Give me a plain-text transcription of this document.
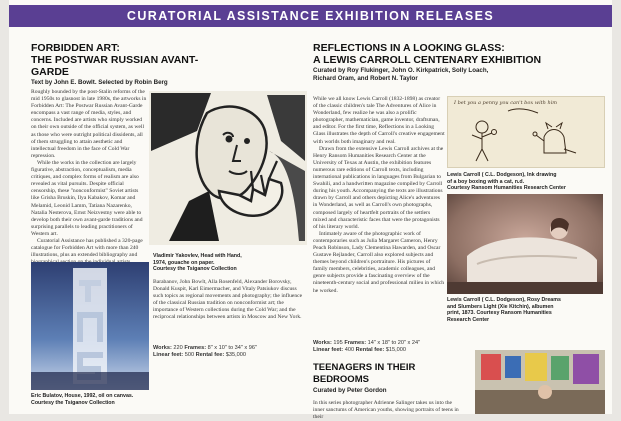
CURATORIAL ASSISTANCE EXHIBITION RELEASES
FORBIDDEN ART:
THE POSTWAR RUSSIAN AVANT-GARDE
Text by John E. Bowlt. Selected by Robin Berg

Roughly bounded by the post-Stalin reforms of the mid 1950s to glasnost in late 1980s, the artworks in Forbidden Art: The Postwar Russian Avant-Garde encompass a vast range of media, styles, and concerns. Included are artists who simply worked on their own outside of the official system, as well as those who were outright political dissidents, all of them struggling to attain aesthetic and intellectual freedom in the face of Cold War repression.

While the works in the collection are largely figurative, abstraction, conceptualism, media critiques, and complex forms of realism are also revealed as vital pursuits. Despite official censorship, these "nonconformist" Soviet artists like Grisha Bruskin, Ilya Kabakov, Komar and Melamid, Leonid Lamm, Tatiana Nazarenko, Natalia Nesterova, Ernst Neizvestny were able to develop both their own avant-garde traditions and surprising parallels to leading practitioners of Western art.

Curatorial Assistance has published a 320-page catalogue for Forbidden Art with more than 240 illustrations, plus an extended bibliography and

Eric Bulatov, House, 1992, oil on canvas. Courtesy the Tsiganov Collection
Vladimir Yakovlev, Head with Hand,
1974, gouache on paper.
Courtesy the Tsiganov Collection

Barabanov, John Bowlt, Alla Rosenfeld, Alexander Borovsky, Donald Kuspit, Karl Eimermacher, and Vitaly Patsiukov discuss such topics as regional movements and photography; the influence of the classical Russian tradition on nonconformist art; the importance of Western collections during the Cold War; and the reciprocal relationships between artists in Moscow and New York.

Works: 220 Frames: 8" x 10" to 34" x 96"
Linear feet: 500 Rental fee: $35,000
REFLECTIONS IN A LOOKING GLASS:
A LEWIS CARROLL CENTENARY EXHIBITION
Curated by Roy Flukinger, John O. Kirkpatrick, Solly Loach,
Richard Oram, and Robert N. Taylor

While we all know Lewis Carroll (1832-1898) as creator of the classic children's tale The Adventures of Alice in Wonderland, few realize he was also a prolific photographer, mathematician, game inventor, draftsman, and editor. For the first time, Reflections in a Looking Glass illustrates the depth of Carroll's creative engagement with worlds both imaginary and real.

Drawn from the extensive Lewis Carroll archives at the Henry Ransom Humanities Research Center at the University of Texas at Austin, the exhibition features numerous rare editions of Carroll texts, including international publications in languages from Bulgarian to Swahili, and a handwritten magazine compiled by Carroll during his youth. Accompanying the texts are illustrations drawn by Carroll and others depicting Alice's adventures in Wonderland, as well as Carroll's own photographs, composed largely of heartfelt portraits of the settlers mixed and characteristic faces that were the protagonists of his literary world.

Intimately aware of the photographic work of contemporaries such as Julia Margaret Cameron, Henry Peach Robinson, Lady Clementina Hawarden, and Oscar Gustave Rejlander, Carroll also explored subjects and themes beyond children's portraiture. His pictures of family members, celebrities, academic colleagues, and genre subjects provide a fascinating overview of the nineteenth-century social and professional milieu in which he worked.

Works: 195 Frames: 14" x 18" to 20" x 24"
Linear feet: 400 Rental fee: $15,000
I bet you a penny you can't box with him
Lewis Carroll ( C.L. Dodgeson), Ink drawing
of a boy boxing with a cat, n.d.
Courtesy Ransom Humanities Research Center
Lewis Carroll ( C.L. Dodgeson), Rosy Dreams
and Slumbers Light (Xie Kitchin), albumen
print, 1873. Courtesy Ransom Humanities
Research Center
TEENAGERS IN THEIR BEDROOMS
Curated by Peter Gordon

In this series photographer Adrienne Salinger takes us into the inner sanctums of American youths, showing portraits of teens in their
